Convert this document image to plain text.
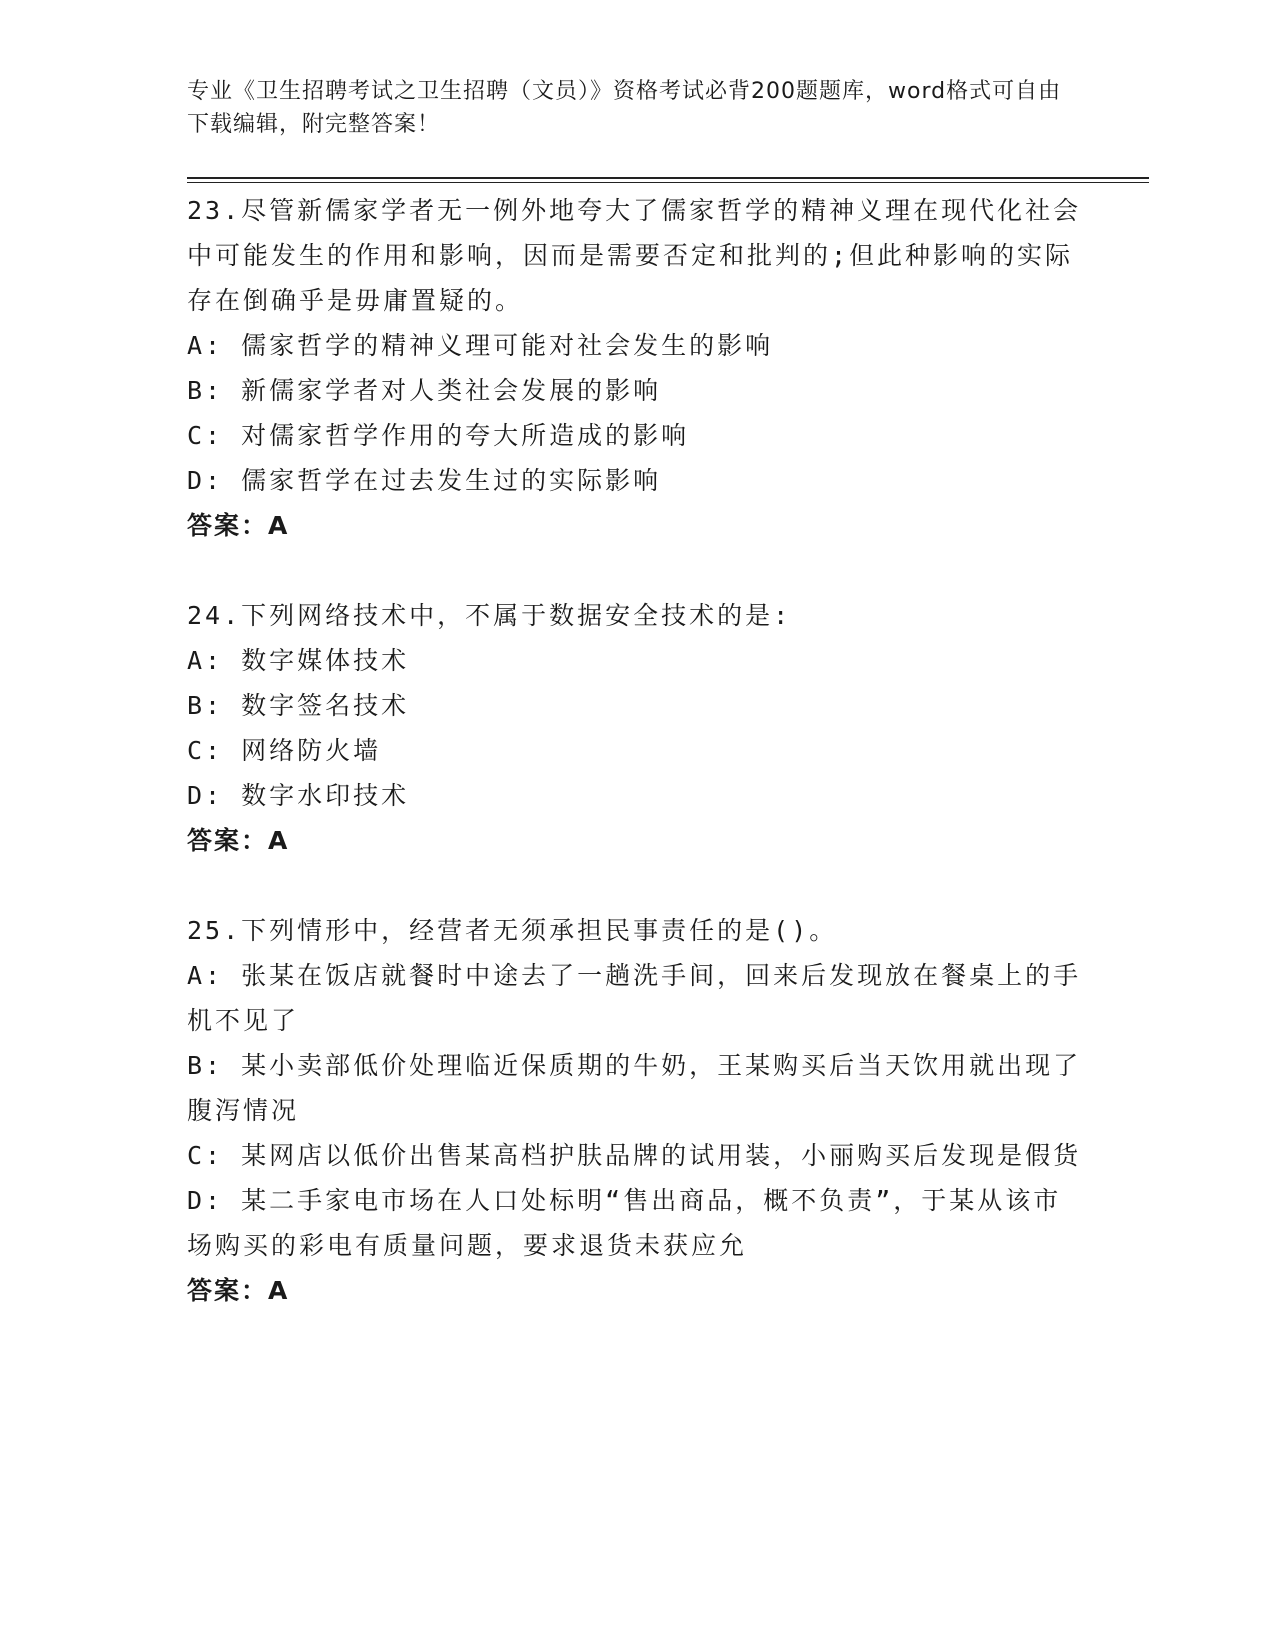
专业《卫生招聘考试之卫生招聘（文员）》资格考试必背200题题库，word格式可自由下载编辑，附完整答案！
23.尽管新儒家学者无一例外地夸大了儒家哲学的精神义理在现代化社会中可能发生的作用和影响，因而是需要否定和批判的;但此种影响的实际存在倒确乎是毋庸置疑的。
A: 儒家哲学的精神义理可能对社会发生的影响
B: 新儒家学者对人类社会发展的影响
C: 对儒家哲学作用的夸大所造成的影响
D: 儒家哲学在过去发生过的实际影响
答案：A
24.下列网络技术中，不属于数据安全技术的是:
A: 数字媒体技术
B: 数字签名技术
C: 网络防火墙
D: 数字水印技术
答案：A
25.下列情形中，经营者无须承担民事责任的是()。
A: 张某在饭店就餐时中途去了一趟洗手间，回来后发现放在餐桌上的手机不见了
B: 某小卖部低价处理临近保质期的牛奶，王某购买后当天饮用就出现了腹泻情况
C: 某网店以低价出售某高档护肤品牌的试用装，小丽购买后发现是假货
D: 某二手家电市场在人口处标明“售出商品，概不负责”，于某从该市场购买的彩电有质量问题，要求退货未获应允
答案：A
